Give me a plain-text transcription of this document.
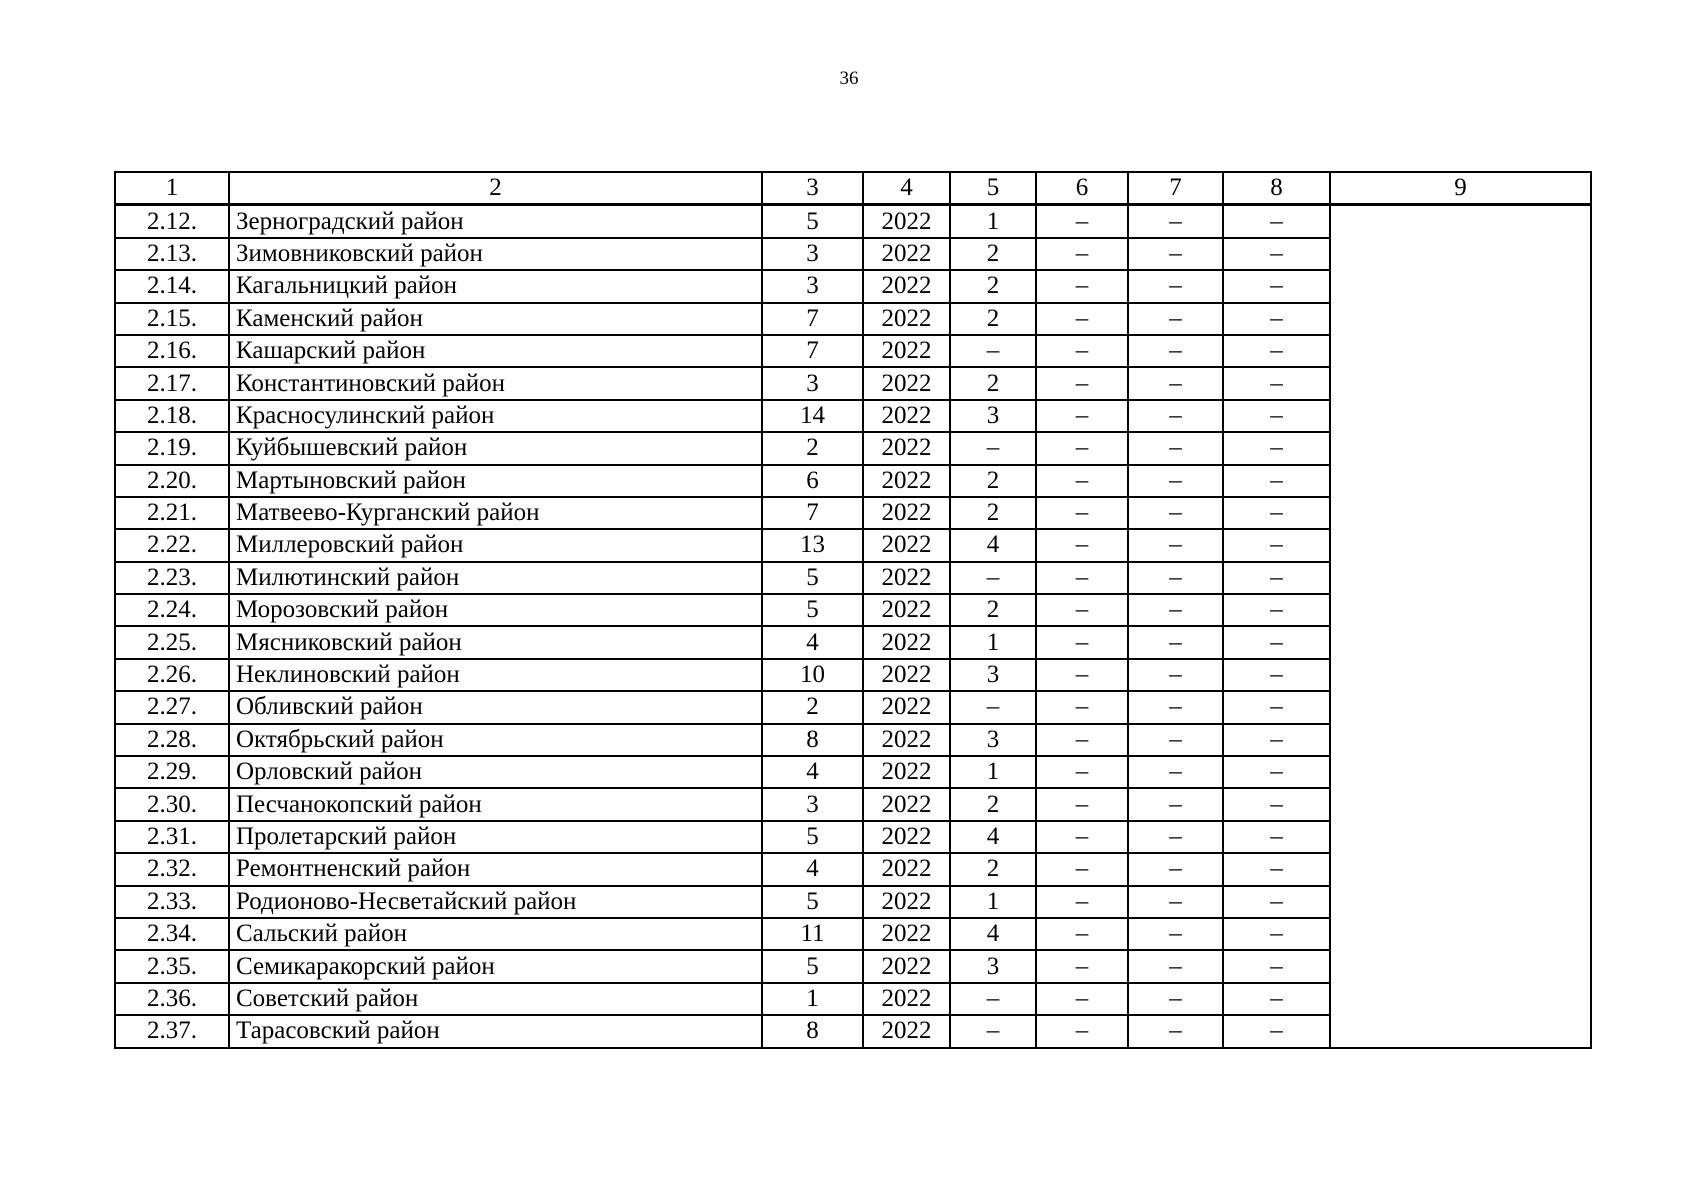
36
1	2	3	4	5	6	7	8	9
2.12.	Зерноградский район	5	2022	1	–	–	–	
2.13.	Зимовниковский район	3	2022	2	–	–	–	
2.14.	Кагальницкий район	3	2022	2	–	–	–	
2.15.	Каменский район	7	2022	2	–	–	–	
2.16.	Кашарский район	7	2022	–	–	–	–	
2.17.	Константиновский район	3	2022	2	–	–	–	
2.18.	Красносулинский район	14	2022	3	–	–	–	
2.19.	Куйбышевский район	2	2022	–	–	–	–	
2.20.	Мартыновский район	6	2022	2	–	–	–	
2.21.	Матвеево-Курганский район	7	2022	2	–	–	–	
2.22.	Миллеровский район	13	2022	4	–	–	–	
2.23.	Милютинский район	5	2022	–	–	–	–	
2.24.	Морозовский район	5	2022	2	–	–	–	
2.25.	Мясниковский район	4	2022	1	–	–	–	
2.26.	Неклиновский район	10	2022	3	–	–	–	
2.27.	Обливский район	2	2022	–	–	–	–	
2.28.	Октябрьский район	8	2022	3	–	–	–	
2.29.	Орловский район	4	2022	1	–	–	–	
2.30.	Песчанокопский район	3	2022	2	–	–	–	
2.31.	Пролетарский район	5	2022	4	–	–	–	
2.32.	Ремонтненский район	4	2022	2	–	–	–	
2.33.	Родионово-Несветайский район	5	2022	1	–	–	–	
2.34.	Сальский район	11	2022	4	–	–	–	
2.35.	Семикаракорский район	5	2022	3	–	–	–	
2.36.	Советский район	1	2022	–	–	–	–	
2.37.	Тарасовский район	8	2022	–	–	–	–	
